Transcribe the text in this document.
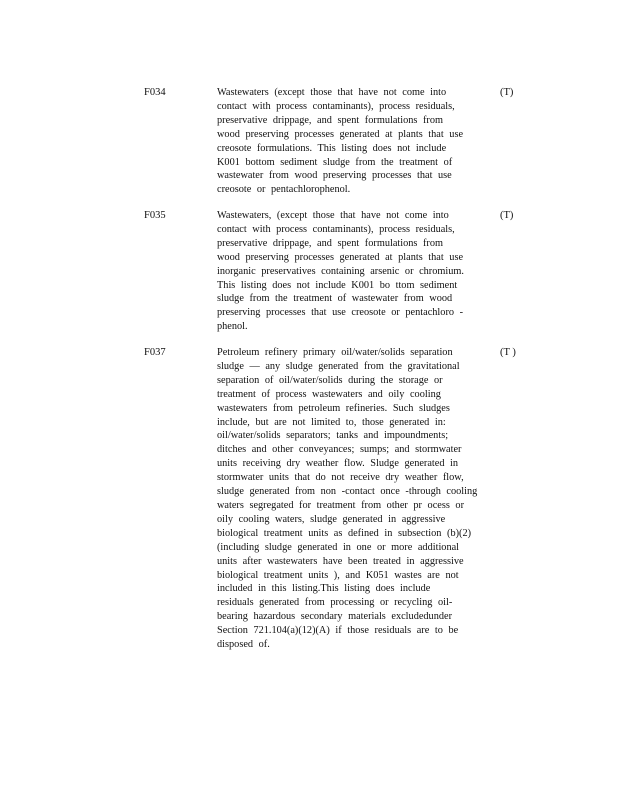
F034	Wastewaters (except those that have not come into
contact with process contaminants), process residuals,
preservative drippage, and spent formulations from
wood preserving processes generated at plants that use
creosote formulations. This listing does not include
K001 bottom sediment sludge from the treatment of
wastewater from wood preserving processes that use
creosote or pentachlorophenol.
(T)
F035	Wastewaters, (except those that have not come into
contact with process contaminants), process residuals,
preservative drippage, and spent formulations from
wood preserving processes generated at plants that use
inorganic preservatives containing arsenic or chromium.
This listing does not include K001 bo ttom sediment
sludge from the treatment of wastewater from wood
preserving processes that use creosote or pentachloro -
phenol.
(T)
F037	Petroleum refinery primary oil/water/solids separation
sludge — any sludge generated from the gravitational
separation of oil/water/solids during the storage or
treatment of process wastewaters and oily cooling
wastewaters from petroleum refineries. Such sludges
include, but are not limited to, those generated in:
oil/water/solids separators; tanks and impoundments;
ditches and other conveyances; sumps; and stormwater
units receiving dry weather flow. Sludge generated in
stormwater units that do not receive dry weather flow,
sludge generated from non -contact once -through cooling
waters segregated for treatment from other pr ocess or
oily cooling waters, sludge generated in aggressive
biological treatment units as defined in subsection (b)(2)
(including sludge generated in one or more additional
units after wastewaters have been treated in aggressive
biological treatment units ), and K051 wastes are not
included in this listing.This listing does include
residuals generated from processing or recycling oil-
bearing hazardous secondary materials excludedunder
Section 721.104(a)(12)(A) if those residuals are to be
disposed of.
(T )
